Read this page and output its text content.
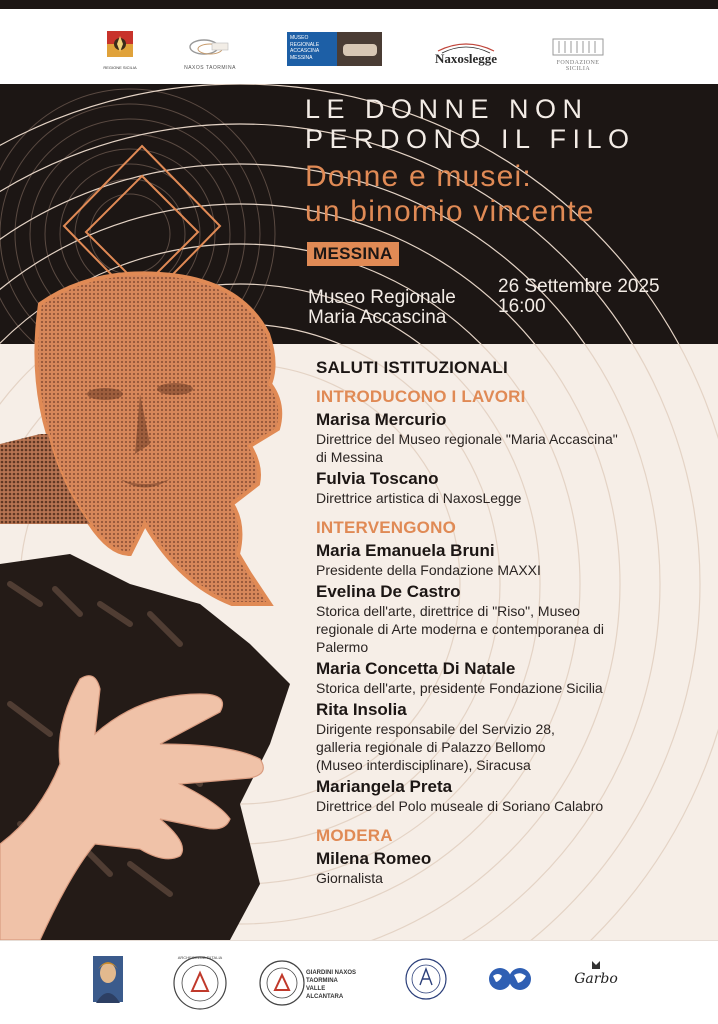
REGIONE SICILIA	NAXOS TAORMINA
MUSEO REGIONALE ACCASCINA MESSINA	Naxoslegge	FONDAZIONE SICILIA
LE DONNE NON
PERDONO IL FILO
Donne e musei:
un binomio vincente
MESSINA
Museo Regionale
Maria Accascina
26 Settembre 2025
16:00
SALUTI ISTITUZIONALI
INTRODUCONO I LAVORI
Marisa Mercurio
Direttrice del Museo regionale "Maria Accascina"
di Messina
Fulvia Toscano
Direttrice artistica di NaxosLegge
INTERVENGONO
Maria Emanuela Bruni
Presidente della Fondazione MAXXI
Evelina De Castro
Storica dell'arte, direttrice di "Riso", Museo
regionale di Arte moderna e contemporanea di
Palermo
Maria Concetta Di Natale
Storica dell'arte, presidente Fondazione Sicilia
Rita Insolia
Dirigente responsabile del Servizio 28,
galleria regionale di Palazzo Bellomo
(Museo interdisciplinare), Siracusa
Mariangela Preta
Direttrice del Polo museale di Soriano Calabro
MODERA
Milena Romeo
Giornalista
ARCHEOCLUB D'ITALIA
GIARDINI NAXOS TAORMINA VALLE ALCANTARA
Garbo
